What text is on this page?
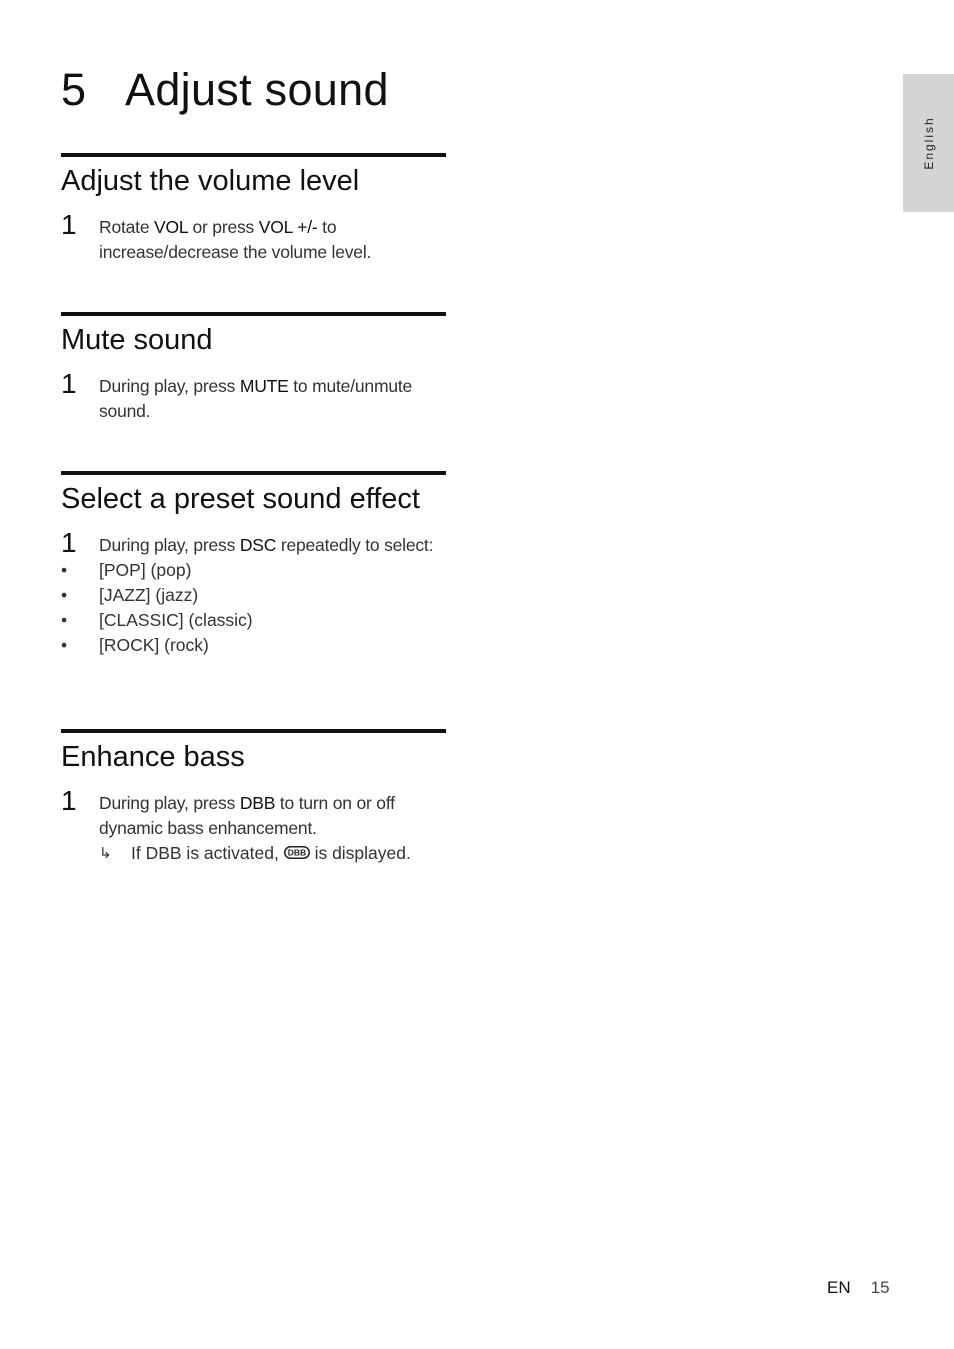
5 Adjust sound
English
Adjust the volume level
1 Rotate VOL or press VOL +/- to increase/decrease the volume level.
Mute sound
1 During play, press MUTE to mute/unmute sound.
Select a preset sound effect
1 During play, press DSC repeatedly to select:
• [POP] (pop)
• [JAZZ] (jazz)
• [CLASSIC] (classic)
• [ROCK] (rock)
Enhance bass
1 During play, press DBB to turn on or off dynamic bass enhancement.
↳ If DBB is activated, DBB is displayed.
EN 15
